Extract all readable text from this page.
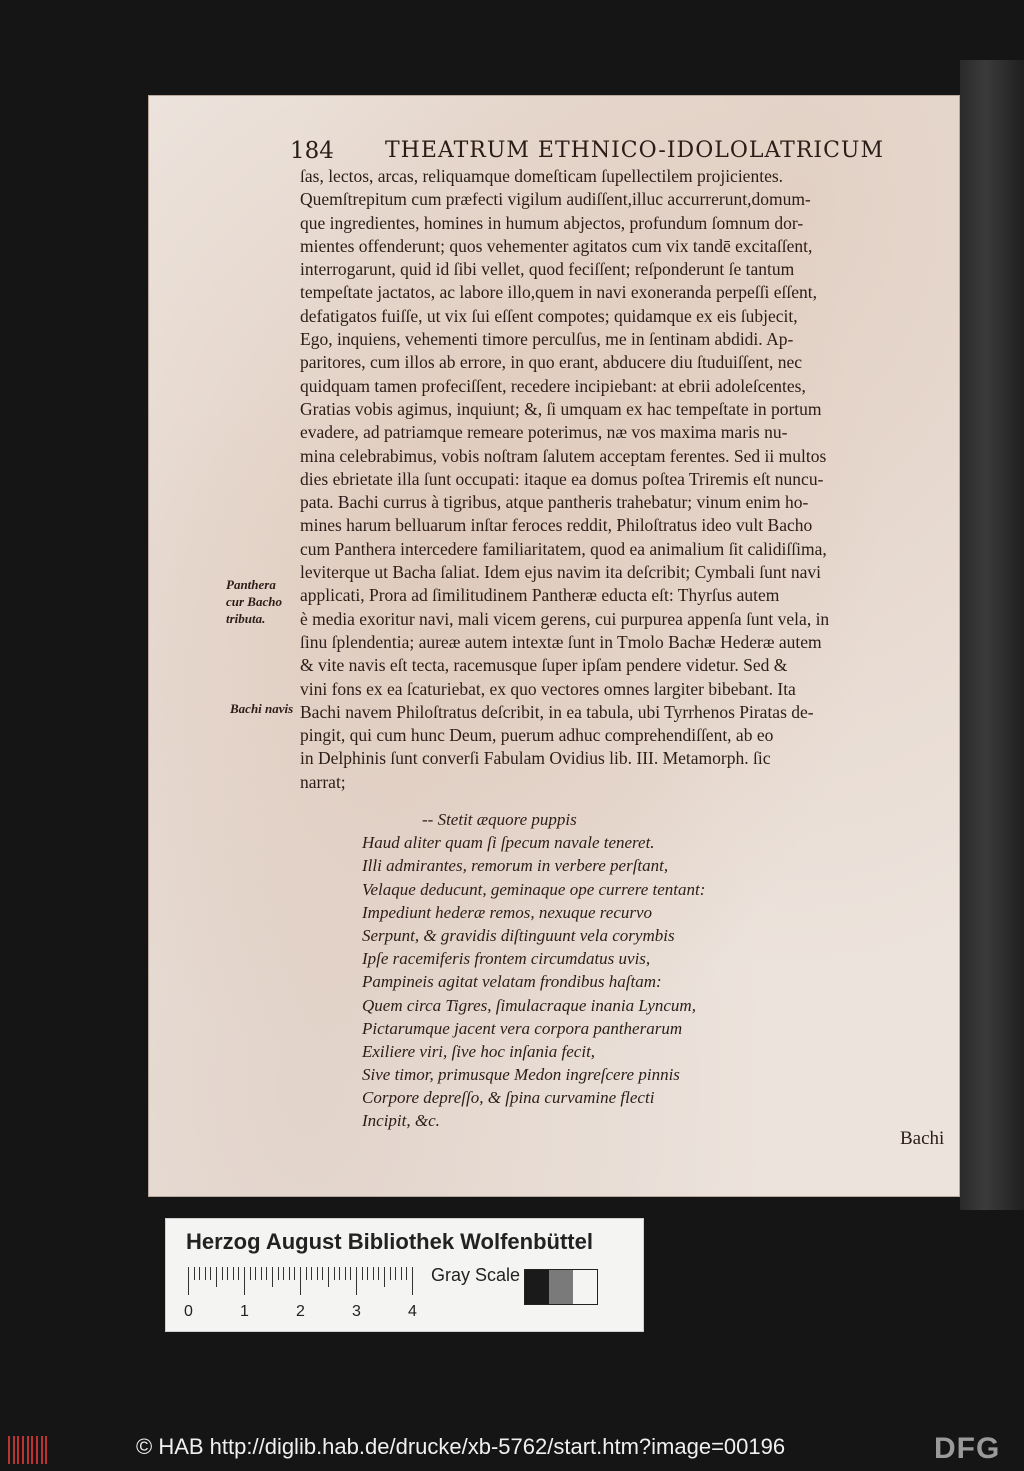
184 THEATRUM ETHNICO-IDOLOLATRICUM
ſas, lectos, arcas, reliquamque domeſticam ſupellectilem projicientes.
Quemſtrepitum cum præfecti vigilum audiſſent,illuc accurrerunt,domum-
que ingredientes, homines in humum abjectos, profundum ſomnum dor-
mientes offenderunt; quos vehementer agitatos cum vix tandē excitaſſent,
interrogarunt, quid id ſibi vellet, quod feciſſent; reſponderunt ſe tantum
tempeſtate jactatos, ac labore illo,quem in navi exoneranda perpeſſi eſſent,
defatigatos fuiſſe, ut vix ſui eſſent compotes; quidamque ex eis ſubjecit,
Ego, inquiens, vehementi timore perculſus, me in ſentinam abdidi. Ap-
paritores, cum illos ab errore, in quo erant, abducere diu ſtuduiſſent, nec
quidquam tamen profeciſſent, recedere incipiebant: at ebrii adoleſcentes,
Gratias vobis agimus, inquiunt; &, ſi umquam ex hac tempeſtate in portum
evadere, ad patriamque remeare poterimus, næ vos maxima maris nu-
mina celebrabimus, vobis noſtram ſalutem acceptam ferentes. Sed ii multos
dies ebrietate illa ſunt occupati: itaque ea domus poſtea Triremis eſt nuncu-
pata. Bachi currus à tigribus, atque pantheris trahebatur; vinum enim ho-
mines harum belluarum inſtar feroces reddit, Philoſtratus ideo vult Bacho
cum Panthera intercedere familiaritatem, quod ea animalium ſit calidiſſima,
leviterque ut Bacha ſaliat. Idem ejus navim ita deſcribit; Cymbali ſunt navi
applicati, Prora ad ſimilitudinem Pantheræ educta eſt: Thyrſus autem
è media exoritur navi, mali vicem gerens, cui purpurea appenſa ſunt vela, in
ſinu ſplendentia; aureæ autem intextæ ſunt in Tmolo Bachæ Hederæ autem
& vite navis eſt tecta, racemusque ſuper ipſam pendere videtur. Sed &
vini fons ex ea ſcaturiebat, ex quo vectores omnes largiter bibebant. Ita
Bachi navem Philoſtratus deſcribit, in ea tabula, ubi Tyrrhenos Piratas de-
pingit, qui cum hunc Deum, puerum adhuc comprehendiſſent, ab eo
in Delphinis ſunt converſi Fabulam Ovidius lib. III. Metamorph. ſic
narrat;
Panthera cur Bacho tributa.
Bachi navis
-- Stetit æquore puppis
Haud aliter quam ſi ſpecum navale teneret.
Illi admirantes, remorum in verbere perſtant,
Velaque deducunt, geminaque ope currere tentant:
Impediunt hederæ remos, nexuque recurvo
Serpunt, & gravidis diſtinguunt vela corymbis
Ipſe racemiferis frontem circumdatus uvis,
Pampineis agitat velatam frondibus haſtam:
Quem circa Tigres, ſimulacraque inania Lyncum,
Pictarumque jacent vera corpora pantherarum
Exiliere viri, ſive hoc inſania fecit,
Sive timor, primusque Medon ingreſcere pinnis
Corpore depreſſo, & ſpina curvamine flecti
Incipit, &c.
Bachi
Herzog August Bibliothek Wolfenbüttel
0	1	2	3	4
Gray Scale
© HAB http://diglib.hab.de/drucke/xb-5762/start.htm?image=00196	DFG
